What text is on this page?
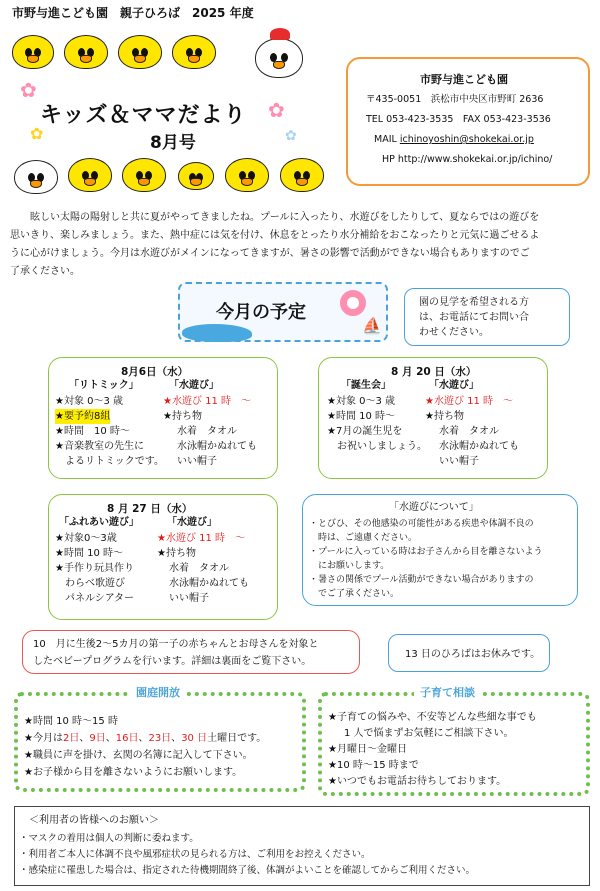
市野与進こども園　親子ひろば　2025 年度
✿
✿
✿
✿
キッズ＆ママだより
8月号
市野与進こども園
〒435-0051　浜松市中央区市野町 2636
TEL 053-423-3535　FAX 053-423-3536
MAIL ichinoyoshin@shokekai.or.jp
HP http://www.shokekai.or.jp/ichino/
眩しい太陽の陽射しと共に夏がやってきましたね。プールに入ったり、水遊びをしたりして、夏ならではの遊びを
思いきり、楽しみましょう。また、熱中症には気を付け、休息をとったり水分補給をおこなったりと元気に過ごせるよ
うに心がけましょう。今月は水遊びがメインになってきますが、暑さの影響で活動ができない場合もありますのでご
了承ください。
今月の予定
⛵
園の見学を希望される方
は、お電話にてお問い合
わせください。
8月6日（水）
「リトミック」	「水遊び」
★対象 0～3 歳
★要予約8組
★時間　10 時～
★音楽教室の先生に
よるリトミックです。
★水遊び 11 時　～
★持ち物
水着　タオル
水泳帽かぬれても
いい帽子
8 月 20 日（水）
「誕生会」	「水遊び」
★対象 0～3 歳
★時間 10 時～
★7月の誕生児を
お祝いしましょう。
★水遊び 11 時　～
★持ち物
水着　タオル
水泳帽かぬれても
いい帽子
8 月 27 日（水）
「ふれあい遊び」	「水遊び」
★対象0～3歳
★時間 10 時～
★手作り玩具作り
わらべ歌遊び
パネルシアター
★水遊び 11 時　～
★持ち物
水着　タオル
水泳帽かぬれても
いい帽子
「水遊びについて」
・とびひ、その他感染の可能性がある疾患や体調不良の
　時は、ご遠慮ください。
・プールに入っている時はお子さんから目を離さないよう
　にお願いします。
・暑さの関係でプール活動ができない場合がありますの
　でご了承ください。
10　月に生後2～5カ月の第一子の赤ちゃんとお母さんを対象と
したベビープログラムを行います。詳細は裏面をご覧下さい。
13 日のひろばはお休みです。
園庭開放
★時間 10 時～15 時
★今月は2日、9日、16日、23日、30 日土曜日です。
★職員に声を掛け、玄関の名簿に記入して下さい。
★お子様から目を離さないようにお願いします。
子育て相談
★子育ての悩みや、不安等どんな些細な事でも
1 人で悩まずお気軽にご相談下さい。
★月曜日～金曜日
★10 時～15 時まで
★いつでもお電話お待ちしております。
＜利用者の皆様へのお願い＞
・マスクの着用は個人の判断に委ねます。
・利用者ご本人に体調不良や風邪症状の見られる方は、ご利用をお控えください。
・感染症に罹患した場合は、指定された待機期間終了後、体調がよいことを確認してからご利用ください。
